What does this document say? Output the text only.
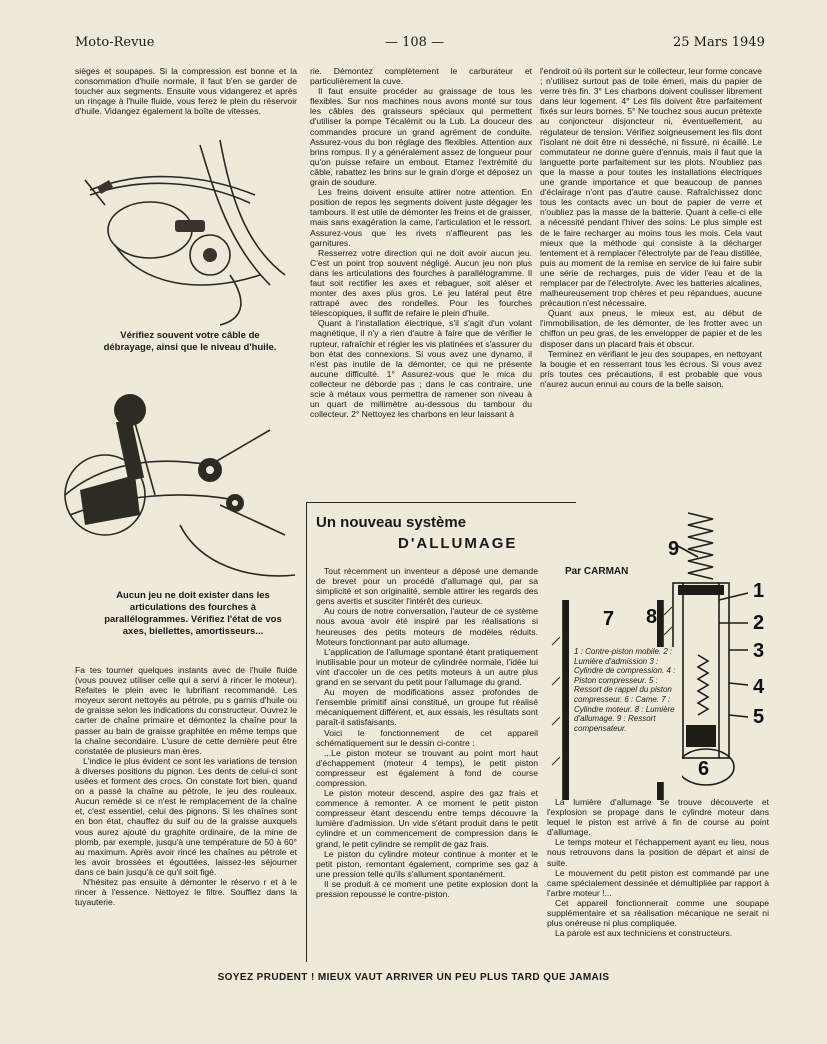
Moto-Revue	— 108 —	25 Mars 1949

sièges et soupapes. Si la compression est bonne et la consommation d'huile normale, il faut b'en se garder de toucher aux segments. Ensuite vous vidangerez et après un rinçage à l'huile fluide, vous ferez le plein du réservoir d'huile. Vidangez également la boîte de vitesses.

Vérifiez souvent votre câble de débrayage, ainsi que le niveau d'huile.
Aucun jeu ne doit exister dans les articulations des fourches à parallélogrammes. Vérifiez l'état de vos axes, biellettes, amortisseurs...

Fa tes tourner quelques instants avec de l'huile fluide (vous pouvez utiliser celle qui a servi à rincer le moteur). Refaites le plein avec le lubrifiant recommandé. Les moyeux seront nettoyés au pétrole, pu s garnis d'huile ou de graisse selon les indications du constructeur. Ouvrez le carter de chaîne primaire et démontez la chaîne pour la passer au bain de graisse graphitée en même temps que la chaîne secondaire. L'usure de cette dernière peut être constatée de plusieurs man ères.

L'indice le plus évident ce sont les variations de tension à diverses positions du pignon. Les dents de celui-ci sont usées et forment des crocs. On constate fort bien, quand on a passé la chaîne au pétrole, le jeu des rouleaux. Aucun remède si ce n'est le remplacement de la chaîne et, c'est essentiel, celui des pignons. Si les chaînes sont en bon état, chauffez du suif ou de la graisse auxquels vous aurez ajouté du graphite ordinaire, de la mine de plomb, par exemple, jusqu'à une température de 50 à 60° au maximum. Après avoir rincé les chaînes au pétrole et les avoir brossées et égouttées, laissez-les séjourner dans ce bain jusqu'à ce qu'il soit figé.

N'hésitez pas ensuite à démonter le réservo r et à le rincer à l'essence. Nettoyez le filtre. Soufflez dans la tuyauterie.

rie. Démontez complètement le carburateur et particulièrement la cuve.

Il faut ensuite procéder au graissage de tous les flexibles. Sur nos machines nous avons monté sur tous les câbles des graisseurs spéciaux qui permettent d'utiliser la pompe Técalémit ou la Lub. La douceur des commandes procure un grand agrément de conduite. Assurez-vous du bon réglage des flexibles. Attention aux brins rompus. Il y a généralement assez de longueur pour qu'on puisse refaire un embout. Etamez l'extrémité du câble, rabattez les brins sur le grain d'orge et déposez un grain de soudure.

Les freins doivent ensuite attirer notre attention. En position de repos les segments doivent juste dégager les tambours. Il est utile de démonter les freins et de graisser, mais sans exagération la came, l'articulation et le ressort. Assurez-vous que les rivets n'affleurent pas les garnitures.

Resserrez votre direction qui ne doit avoir aucun jeu. C'est un point trop souvent négligé. Aucun jeu non plus dans les articulations des fourches à parallélogramme. Il faut soit rectifier les axes et rebaguer, soit aléser et monter des axes plus gros. Le jeu latéral peut être rattrapé avec des rondelles. Pour les fourches télescopiques, il suffit de refaire le plein d'huile.

Quant à l'installation électrique, s'il s'agit d'un volant magnétique, il n'y a rien d'autre à faire que de vérifier le rupteur, rafraîchir et régler les vis platinées et s'assurer du bon état des connexions. Si vous avez une dynamo, il n'est pas inutile de la démonter, ce qui ne présente aucune difficulté. 1° Assurez-vous que le mica du collecteur ne déborde pas ; dans le cas contraire, une scie à métaux vous permettra de ramener son niveau à un quart de millimètre au-dessous du tambour du collecteur. 2° Nettoyez les charbons en leur laissant à

l'endroit où ils portent sur le collecteur, leur forme concave ; n'utilisez surtout pas de toile émeri, mais du papier de verre très fin. 3° Les charbons doivent coulisser librement dans leur logement. 4° Les fils doivent être parfaitement fixés sur leurs bornes. 5° Ne touchez sous aucun prétexte au conjoncteur disjoncteur ni, éventuellement, au régulateur de tension. Vérifiez soigneusement les fils dont l'isolant ne doit être ni desséché, ni fissuré, ni écaillé. Le commutateur ne donne guère d'ennuis, mais il faut que la languette porte parfaitement sur les plots. N'oubliez pas que la masse a pour toutes les installations électriques une grande importance et que beaucoup de pannes d'éclairage n'ont pas d'autre cause. Rafraîchissez donc tous les contacts avec un bout de papier de verre et n'oubliez pas la masse de la batterie. Quant à celle-ci elle a nécessité pendant l'hiver des soins. Le plus simple est de le faire recharger au moins tous les mois. Cela vaut mieux que la méthode qui consiste à la décharger lentement et à remplacer l'électrolyte par de l'eau distillée, puis au moment de la remise en service de lui faire subir une série de recharges, puis de vider l'eau et de la remplacer par de l'électrolyte. Avec les batteries alcalines, malheureusement trop chères et peu répandues, aucune précaution n'est nécessaire.

Quant aux pneus, le mieux est, au début de l'immobilisation, de les démonter, de les frotter avec un chiffon un peu gras, de les envelopper de papier et de les disposer dans un placard frais et obscur.

Terminez en vérifiant le jeu des soupapes, en nettoyant la bougie et en resserrant tous les écrous. Si vous avez pris toutes ces précautions, il est probable que vous n'aurez aucun ennui au cours de la belle saison.

Un nouveau système
D'ALLUMAGE
Par CARMAN

Tout récemment un inventeur a déposé une demande de brevet pour un procédé d'allumage qui, par sa simplicité et son originalité, semble attirer les regards des gens avertis et susciter l'intérêt des curieux.

Au cours de notre conversation, l'auteur de ce système nous avoua avoir été inspiré par les réalisations si heureuses des petits moteurs de modèles réduits. Moteurs fonctionnant par auto allumage.

L'application de l'allumage spontané étant pratiquement inutilisable pour un moteur de cylindrée normale, l'idée lui vint d'accoler un de ces petits moteurs à un autre plus grand en se servant du petit pour l'allumage du grand.

Au moyen de modifications assez profondes de l'ensemble primitif ainsi constitué, un groupe fut réalisé mécaniquement différent, et, aux essais, les résultats sont paraît-il satisfaisants.

Voici le fonctionnement de cet appareil schématiquement sur le dessin ci-contre :

...Le piston moteur se trouvant au point mort haut d'échappement (moteur 4 temps), le petit piston compresseur est également à fond de course compression.

Le piston moteur descend, aspire des gaz frais et commence à remonter. A ce moment le petit piston compresseur étant descendu entre temps découvre la lumière d'admission. Un vide s'étant produit dans le petit cylindre et un commencement de compression dans le grand, le petit cylindre se remplit de gaz frais.

Le piston du cylindre moteur continue à monter et le petit piston, remontant également, comprime ses gaz à une pression telle qu'ils s'allument spontanément.

Il se produit à ce moment une petite explosion dont la pression repousse le contre-piston.

1
2
3
4
5
6
7 8
9
1 : Contre-piston mobile. 2 : Lumière d'admission 3 : Cylindre de compression. 4 : Piston compresseur. 5 : Ressort de rappel du piston compresseur. 6 : Came. 7 : Cylindre moteur. 8 : Lumière d'allumage. 9 : Ressort compensateur.

La lumière d'allumage se trouve découverte et l'explosion se propage dans le cylindre moteur dans lequel le piston est arrivé à fin de course au point d'allumage.

Le temps moteur et l'échappement ayant eu lieu, nous nous retrouvons dans la position de départ et ainsi de suite.

Le mouvement du petit piston est commandé par une came spécialement dessinée et démultipliée par rapport à l'arbre moteur !...

Cet appareil fonctionnerait comme une soupape supplémentaire et sa réalisation mécanique ne serait ni plus onéreuse ni plus compliquée.

La parole est aux techniciens et constructeurs.

SOYEZ PRUDENT ! MIEUX VAUT ARRIVER UN PEU PLUS TARD QUE JAMAIS
